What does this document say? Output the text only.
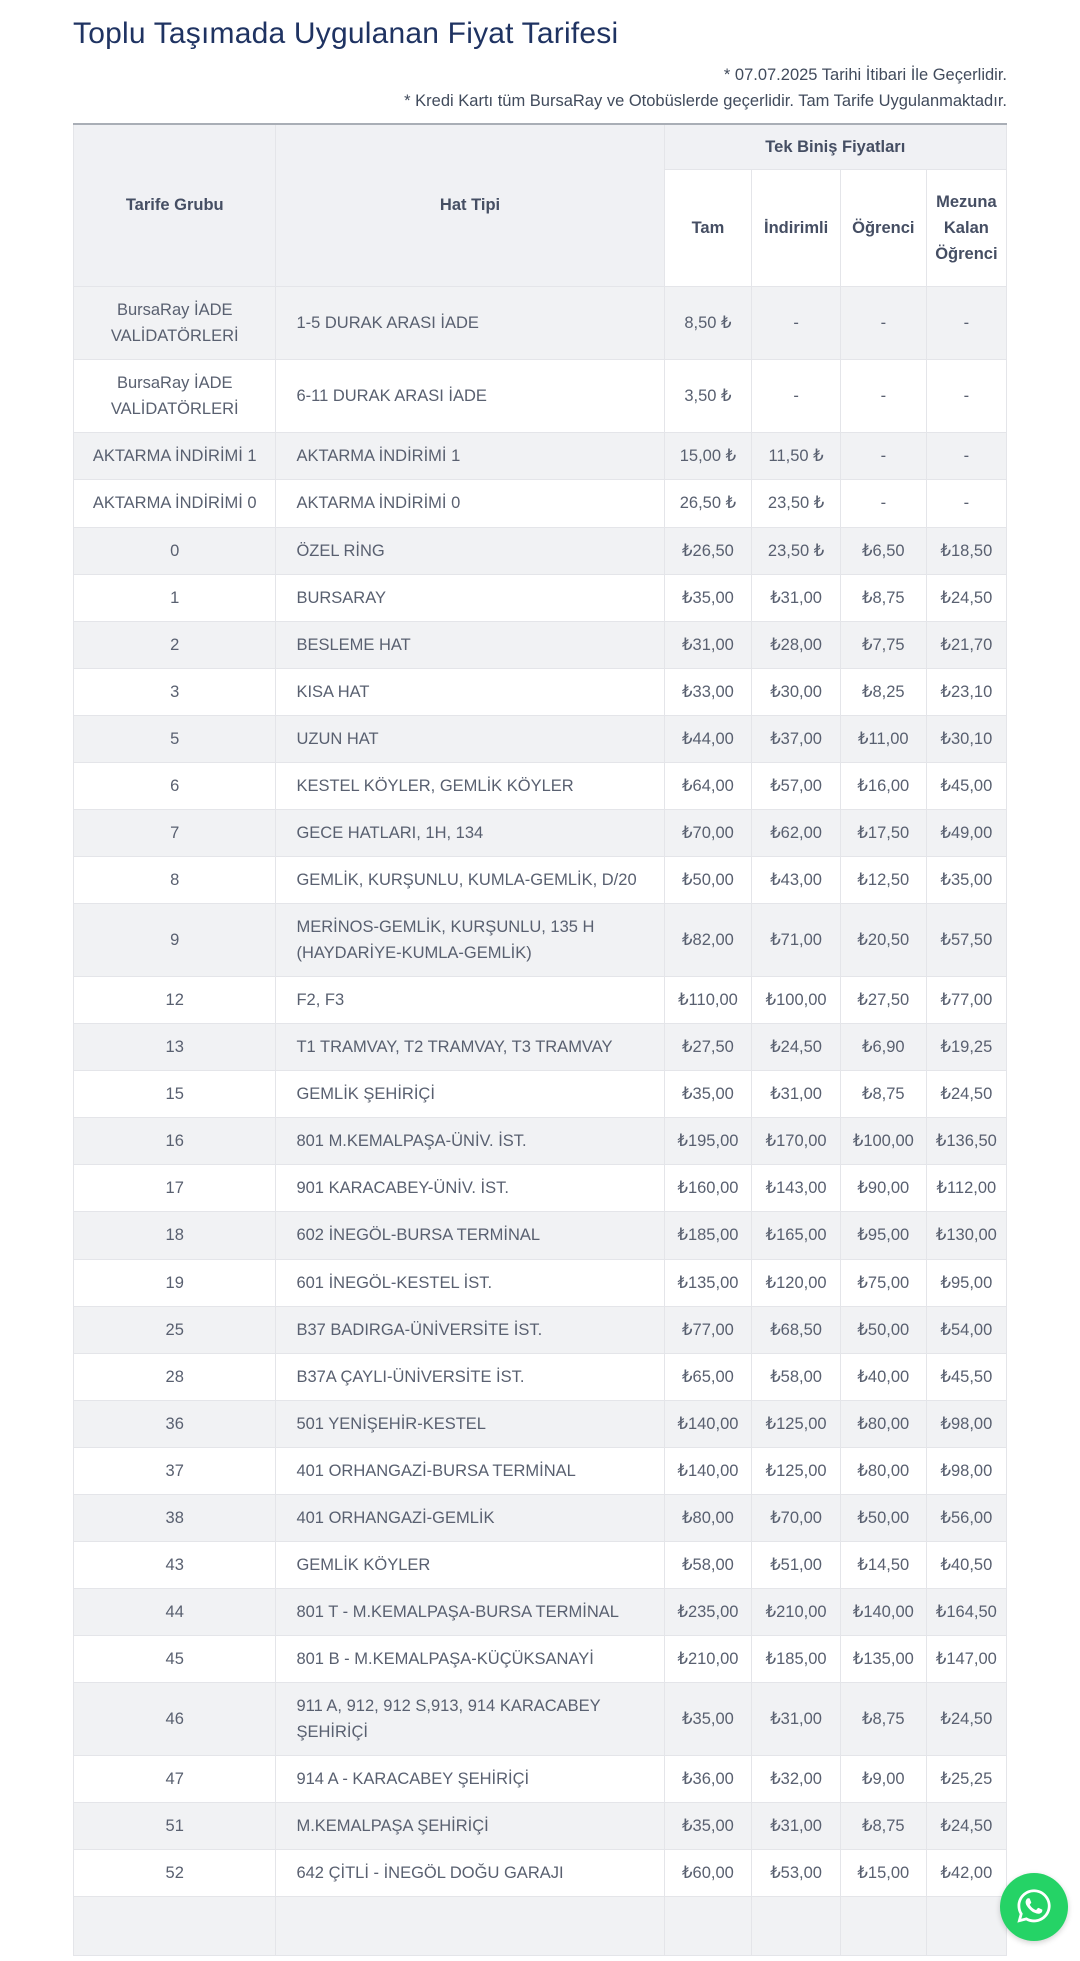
Toplu Taşımada Uygulanan Fiyat Tarifesi
* 07.07.2025 Tarihi İtibari İle Geçerlidir.
* Kredi Kartı tüm BursaRay ve Otobüslerde geçerlidir. Tam Tarife Uygulanmaktadır.
Tarife Grubu	Hat Tipi	Tek Biniş Fiyatları			
		Tam	İndirimli	Öğrenci	Mezuna Kalan Öğrenci
BursaRay İADE VALİDATÖRLERİ	1-5 DURAK ARASI İADE	8,50 ₺	-	-	-
BursaRay İADE VALİDATÖRLERİ	6-11 DURAK ARASI İADE	3,50 ₺	-	-	-
AKTARMA İNDİRİMİ 1	AKTARMA İNDİRİMİ 1	15,00 ₺	11,50 ₺	-	-
AKTARMA İNDİRİMİ 0	AKTARMA İNDİRİMİ 0	26,50 ₺	23,50 ₺	-	-
0	ÖZEL RİNG	₺26,50	23,50 ₺	₺6,50	₺18,50
1	BURSARAY	₺35,00	₺31,00	₺8,75	₺24,50
2	BESLEME HAT	₺31,00	₺28,00	₺7,75	₺21,70
3	KISA HAT	₺33,00	₺30,00	₺8,25	₺23,10
5	UZUN HAT	₺44,00	₺37,00	₺11,00	₺30,10
6	KESTEL KÖYLER, GEMLİK KÖYLER	₺64,00	₺57,00	₺16,00	₺45,00
7	GECE HATLARI, 1H, 134	₺70,00	₺62,00	₺17,50	₺49,00
8	GEMLİK, KURŞUNLU, KUMLA-GEMLİK, D/20	₺50,00	₺43,00	₺12,50	₺35,00
9	MERİNOS-GEMLİK, KURŞUNLU, 135 H (HAYDARİYE-KUMLA-GEMLİK)	₺82,00	₺71,00	₺20,50	₺57,50
12	F2, F3	₺110,00	₺100,00	₺27,50	₺77,00
13	T1 TRAMVAY, T2 TRAMVAY, T3 TRAMVAY	₺27,50	₺24,50	₺6,90	₺19,25
15	GEMLİK ŞEHİRİÇİ	₺35,00	₺31,00	₺8,75	₺24,50
16	801 M.KEMALPAŞA-ÜNİV. İST.	₺195,00	₺170,00	₺100,00	₺136,50
17	901 KARACABEY-ÜNİV. İST.	₺160,00	₺143,00	₺90,00	₺112,00
18	602 İNEGÖL-BURSA TERMİNAL	₺185,00	₺165,00	₺95,00	₺130,00
19	601 İNEGÖL-KESTEL İST.	₺135,00	₺120,00	₺75,00	₺95,00
25	B37 BADIRGA-ÜNİVERSİTE İST.	₺77,00	₺68,50	₺50,00	₺54,00
28	B37A ÇAYLI-ÜNİVERSİTE İST.	₺65,00	₺58,00	₺40,00	₺45,50
36	501 YENİŞEHİR-KESTEL	₺140,00	₺125,00	₺80,00	₺98,00
37	401 ORHANGAZİ-BURSA TERMİNAL	₺140,00	₺125,00	₺80,00	₺98,00
38	401 ORHANGAZİ-GEMLİK	₺80,00	₺70,00	₺50,00	₺56,00
43	GEMLİK KÖYLER	₺58,00	₺51,00	₺14,50	₺40,50
44	801 T - M.KEMALPAŞA-BURSA TERMİNAL	₺235,00	₺210,00	₺140,00	₺164,50
45	801 B - M.KEMALPAŞA-KÜÇÜKSANAYİ	₺210,00	₺185,00	₺135,00	₺147,00
46	911 A, 912, 912 S,913, 914 KARACABEY ŞEHİRİÇİ	₺35,00	₺31,00	₺8,75	₺24,50
47	914 A - KARACABEY ŞEHİRİÇİ	₺36,00	₺32,00	₺9,00	₺25,25
51	M.KEMALPAŞA ŞEHİRİÇİ	₺35,00	₺31,00	₺8,75	₺24,50
52	642 ÇİTLİ - İNEGÖL DOĞU GARAJI	₺60,00	₺53,00	₺15,00	₺42,00
